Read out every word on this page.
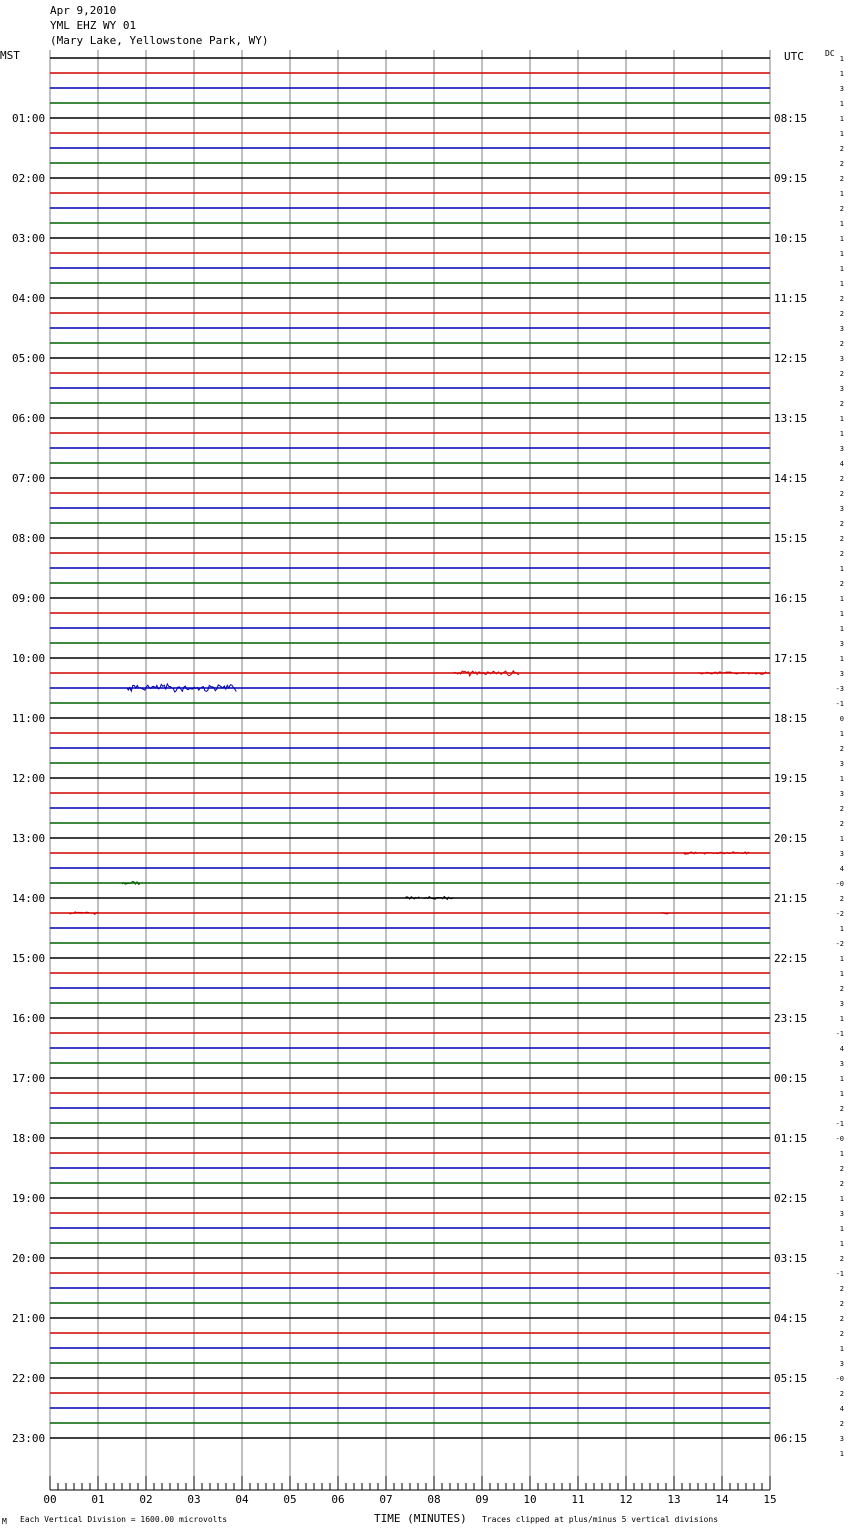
Apr 9,2010
YML EHZ WY 01
(Mary Lake, Yellowstone Park, WY)
MST	UTC	DC
01:00
02:00
03:00
04:00
05:00
06:00
07:00
08:00
09:00
10:00
11:00
12:00
13:00
14:00
15:00
16:00
17:00
18:00
19:00
20:00
21:00
22:00
23:00
08:15
09:15
10:15
11:15
12:15
13:15
14:15
15:15
16:15
17:15
18:15
19:15
20:15
21:15
22:15
23:15
00:15
01:15
02:15
03:15
04:15
05:15
06:15
1
1
3
1
1
1
2
2
2
1
2
1
1
1
1
1
2
2
3
2
3
2
3
2
1
1
3
4
2
2
3
2
2
2
1
2
1
1
1
3
1
3
-3
-1
0
1
2
3
1
3
2
2
1
3
4
-0
2
-2
1
-2
1
1
2
3
1
-1
4
3
1
1
2
-1
-0
1
2
2
1
3
1
1
2
-1
2
2
2
2
1
3
-0
2
4
2
3
1
00	01	02	03	04	05	06	07	08	09	10	11	12	13	14	15
M Each Vertical Division = 1600.00 microvolts	TIME (MINUTES) Traces clipped at plus/minus 5 vertical divisions
